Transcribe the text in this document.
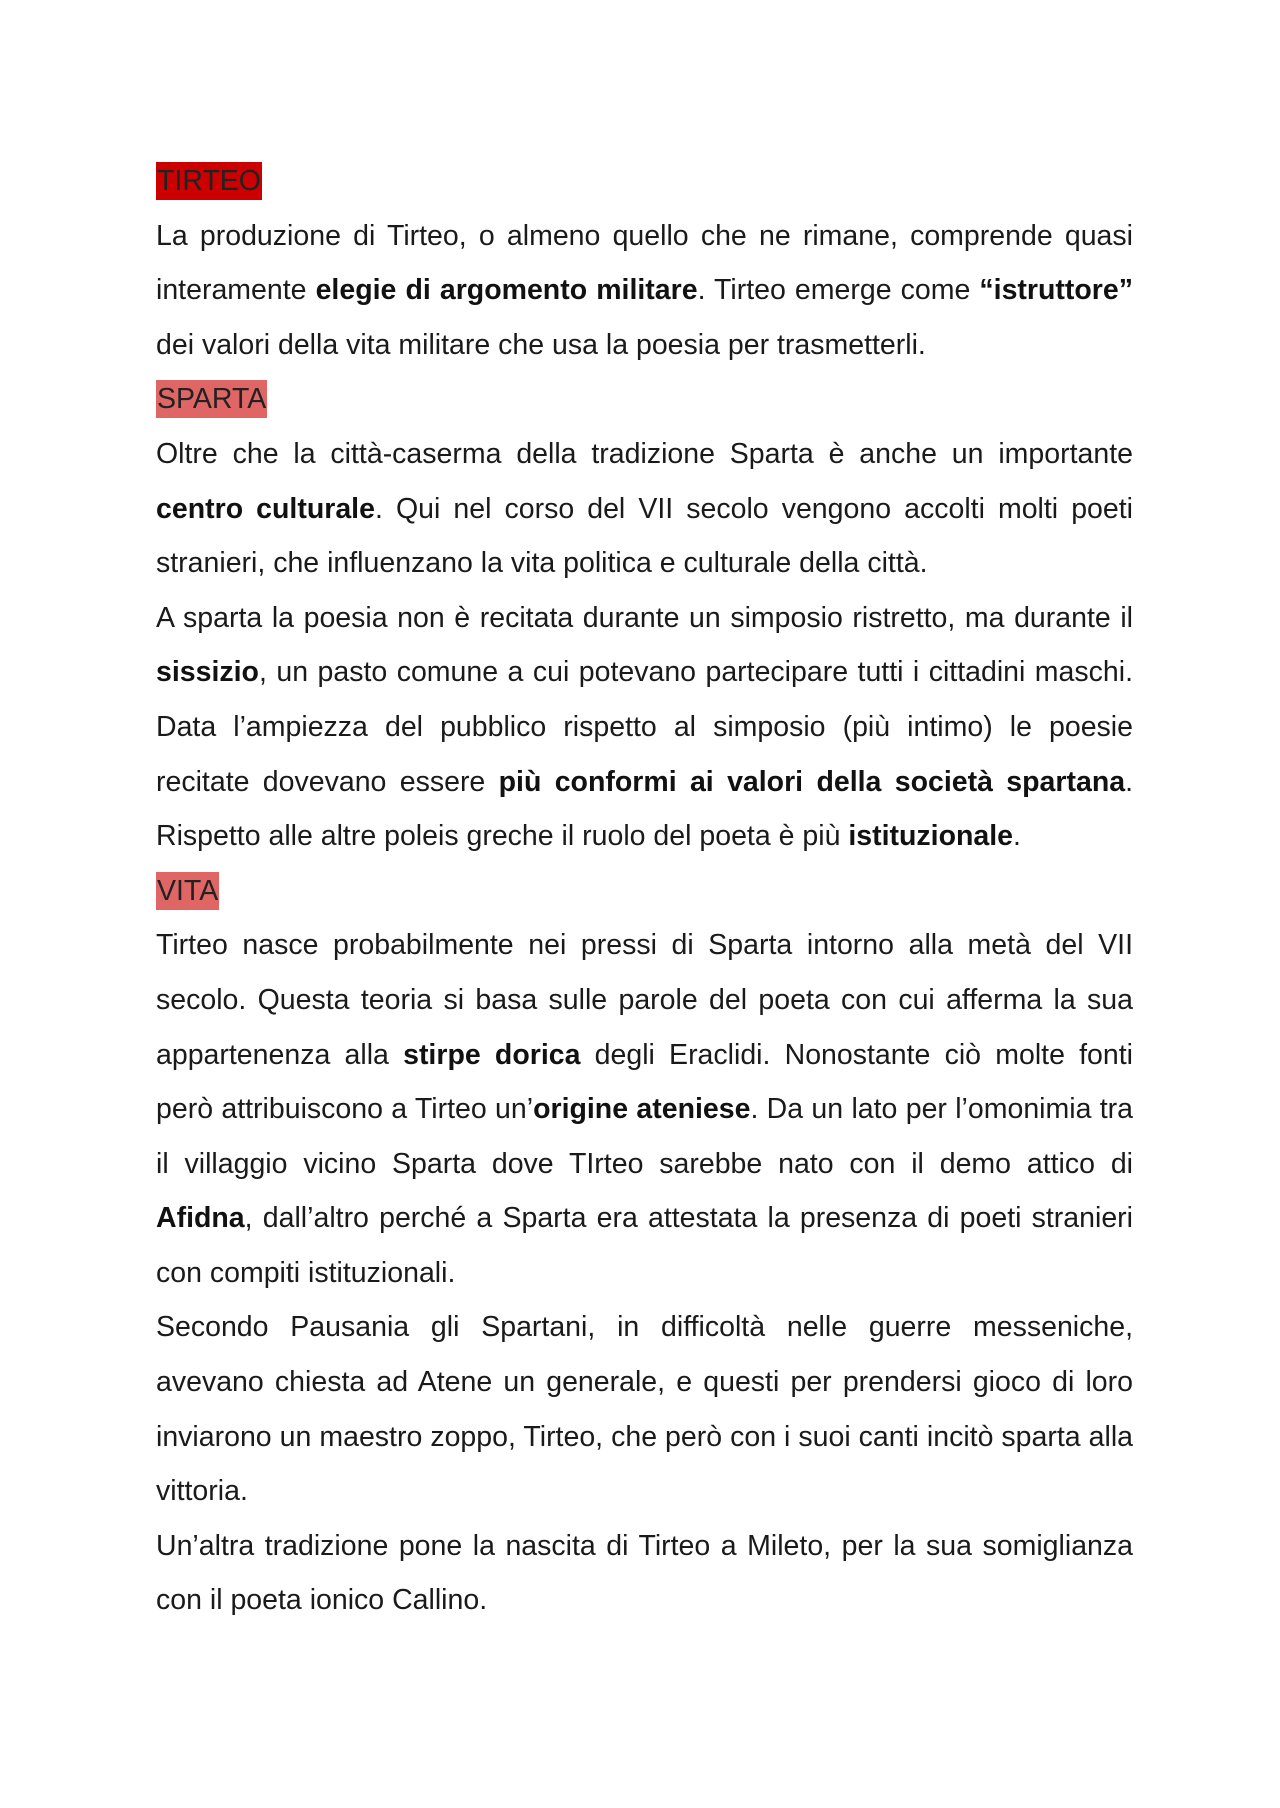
TIRTEO

La produzione di Tirteo, o almeno quello che ne rimane, comprende quasi interamente elegie di argomento militare. Tirteo emerge come “istruttore” dei valori della vita militare che usa la poesia per trasmetterli.

SPARTA

Oltre che la città-caserma della tradizione Sparta è anche un importante centro culturale. Qui nel corso del VII secolo vengono accolti molti poeti stranieri, che influenzano la vita politica e culturale della città.

A sparta la poesia non è recitata durante un simposio ristretto, ma durante il sissizio, un pasto comune a cui potevano partecipare tutti i cittadini maschi. Data l’ampiezza del pubblico rispetto al simposio (più intimo) le poesie recitate dovevano essere più conformi ai valori della società spartana. Rispetto alle altre poleis greche il ruolo del poeta è più istituzionale.

VITA

Tirteo nasce probabilmente nei pressi di Sparta intorno alla metà del VII secolo. Questa teoria si basa sulle parole del poeta con cui afferma la sua appartenenza alla stirpe dorica degli Eraclidi. Nonostante ciò molte fonti però attribuiscono a Tirteo un’origine ateniese. Da un lato per l’omonimia tra il villaggio vicino Sparta dove TIrteo sarebbe nato con il demo attico di Afidna, dall’altro perché a Sparta era attestata la presenza di poeti stranieri con compiti istituzionali.

Secondo Pausania gli Spartani, in difficoltà nelle guerre messeniche, avevano chiesta ad Atene un generale, e questi per prendersi gioco di loro inviarono un maestro zoppo, Tirteo, che però con i suoi canti incitò sparta alla vittoria.

Un’altra tradizione pone la nascita di Tirteo a Mileto, per la sua somiglianza con il poeta ionico Callino.
